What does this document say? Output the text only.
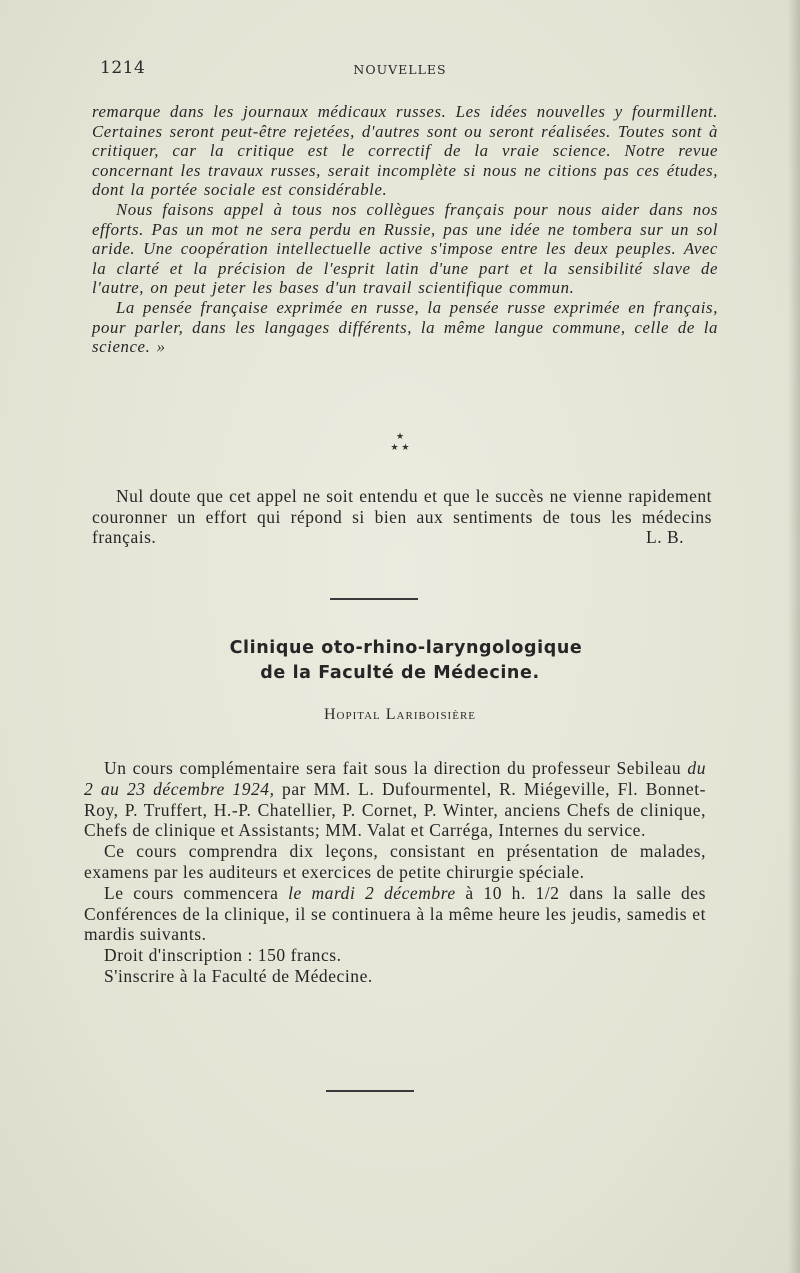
1214	NOUVELLES

remarque dans les journaux médicaux russes. Les idées nouvelles y fourmillent. Certaines seront peut-être rejetées, d'autres sont ou seront réalisées. Toutes sont à critiquer, car la critique est le correctif de la vraie science. Notre revue concernant les travaux russes, serait incomplète si nous ne citions pas ces études, dont la portée sociale est considérable.

Nous faisons appel à tous nos collègues français pour nous aider dans nos efforts. Pas un mot ne sera perdu en Russie, pas une idée ne tombera sur un sol aride. Une coopération intellectuelle active s'impose entre les deux peuples. Avec la clarté et la précision de l'esprit latin d'une part et la sensibilité slave de l'autre, on peut jeter les bases d'un travail scientifique commun.

La pensée française exprimée en russe, la pensée russe exprimée en français, pour parler, dans les langages différents, la même langue commune, celle de la science. »

★
★ ★

Nul doute que cet appel ne soit entendu et que le succès ne vienne rapidement couronner un effort qui répond si bien aux sentiments de tous les médecins français.	L. B.
Clinique oto-rhino-laryngologique
de la Faculté de Médecine.
Hopital Lariboisière

Un cours complémentaire sera fait sous la direction du professeur Sebileau du 2 au 23 décembre 1924, par MM. L. Dufourmentel, R. Miégeville, Fl. Bonnet-Roy, P. Truffert, H.-P. Chatellier, P. Cornet, P. Winter, anciens Chefs de clinique, Chefs de clinique et Assistants; MM. Valat et Carréga, Internes du service.

Ce cours comprendra dix leçons, consistant en présentation de malades, examens par les auditeurs et exercices de petite chirurgie spéciale.

Le cours commencera le mardi 2 décembre à 10 h. 1/2 dans la salle des Conférences de la clinique, il se continuera à la même heure les jeudis, samedis et mardis suivants.

Droit d'inscription : 150 francs.

S'inscrire à la Faculté de Médecine.
